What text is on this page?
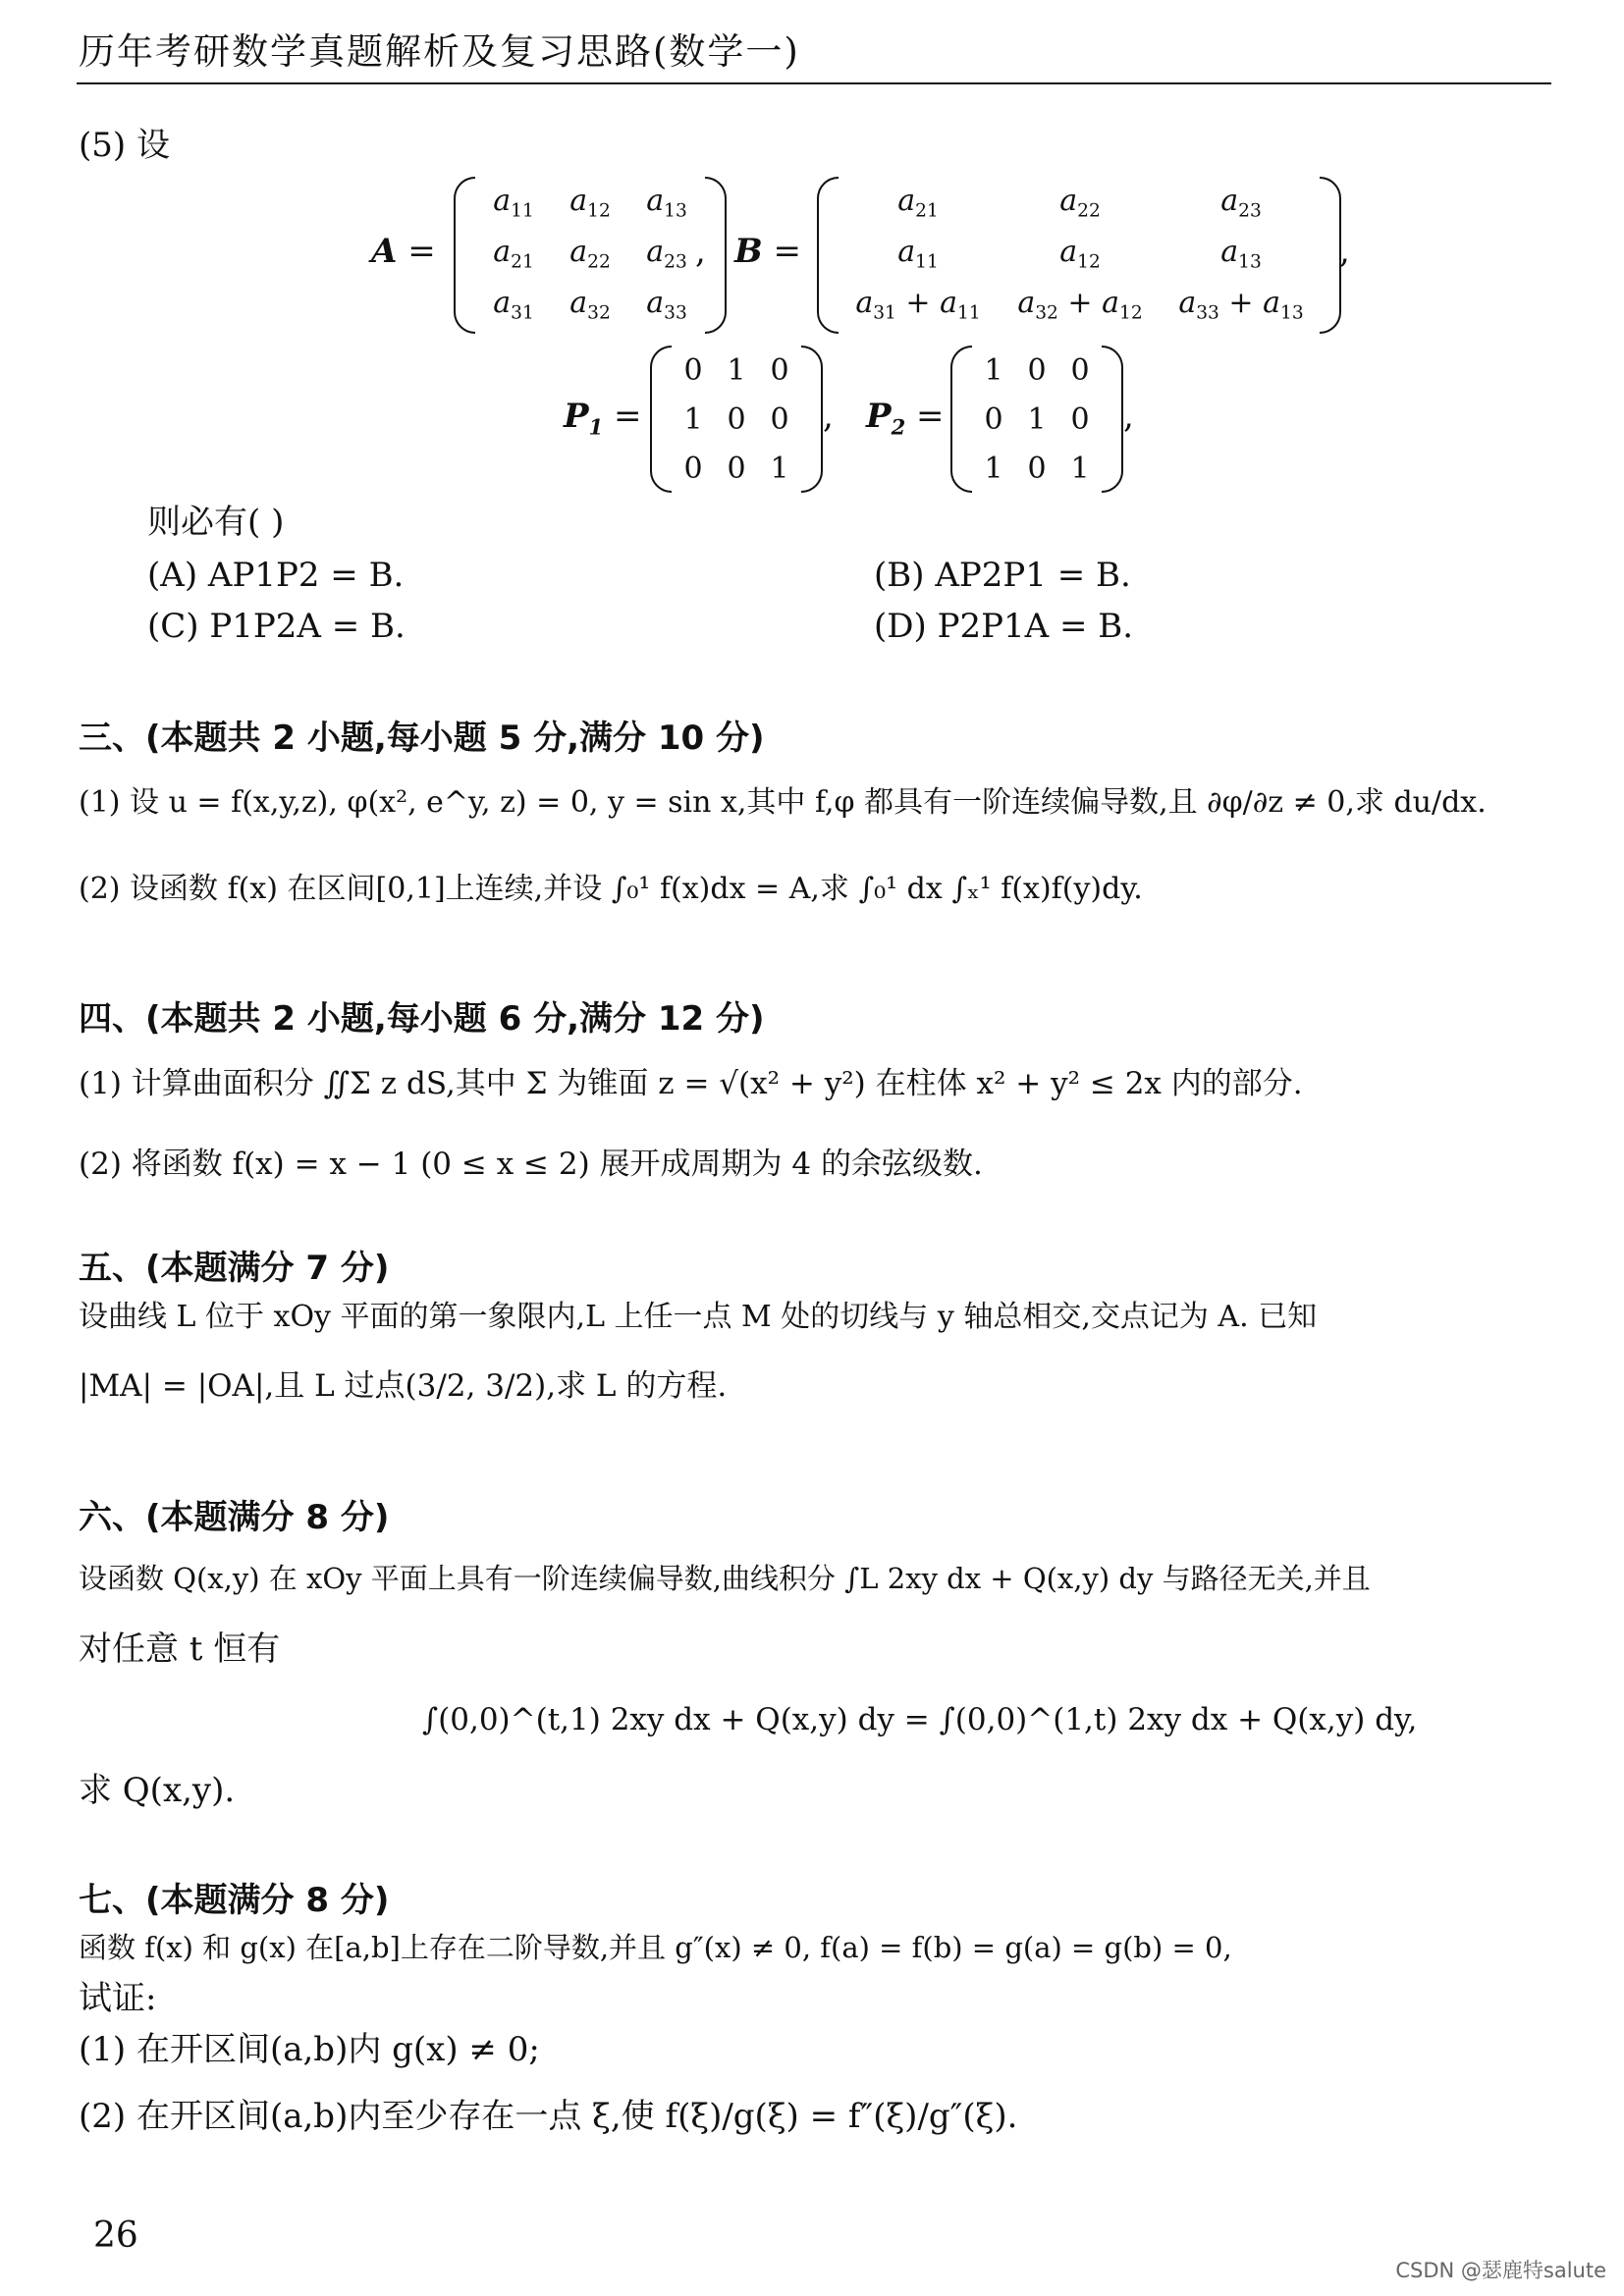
历年考研数学真题解析及复习思路(数学一)
(5) 设
A =
$a_{11}$	$a_{12}$	$a_{13}$
$a_{21}$	$a_{22}$	$a_{23}$
$a_{31}$	$a_{32}$	$a_{33}$
, B =
$a_{21}$	$a_{22}$	$a_{23}$
$a_{11}$	$a_{12}$	$a_{13}$
$a_{31} + a_{11}$	$a_{32} + a_{12}$	$a_{33} + a_{13}$
,
$P_1$ =
0 1 0
1 0 0
0 0 1
, $P_2$ =
1 0 0
0 1 0
1 0 1
,
则必有( )
(A) AP1P2 = B.	(B) AP2P1 = B.
(C) P1P2A = B.	(D) P2P1A = B.
三、(本题共 2 小题,每小题 5 分,满分 10 分)
(1) 设 u = f(x,y,z), φ(x², e^y, z) = 0, y = sin x,其中 f,φ 都具有一阶连续偏导数,且 ∂φ/∂z ≠ 0,求 du/dx.
(2) 设函数 f(x) 在区间[0,1]上连续,并设 ∫₀¹ f(x)dx = A,求 ∫₀¹ dx ∫ₓ¹ f(x)f(y)dy.
四、(本题共 2 小题,每小题 6 分,满分 12 分)
(1) 计算曲面积分 ∬Σ z dS,其中 Σ 为锥面 z = √(x² + y²) 在柱体 x² + y² ≤ 2x 内的部分.
(2) 将函数 f(x) = x − 1 (0 ≤ x ≤ 2) 展开成周期为 4 的余弦级数.
五、(本题满分 7 分)
设曲线 L 位于 xOy 平面的第一象限内,L 上任一点 M 处的切线与 y 轴总相交,交点记为 A. 已知
|MA| = |OA|,且 L 过点(3/2, 3/2),求 L 的方程.
六、(本题满分 8 分)
设函数 Q(x,y) 在 xOy 平面上具有一阶连续偏导数,曲线积分 ∫L 2xy dx + Q(x,y) dy 与路径无关,并且
对任意 t 恒有
∫(0,0)^(t,1) 2xy dx + Q(x,y) dy = ∫(0,0)^(1,t) 2xy dx + Q(x,y) dy,
求 Q(x,y).
七、(本题满分 8 分)
函数 f(x) 和 g(x) 在[a,b]上存在二阶导数,并且 g″(x) ≠ 0, f(a) = f(b) = g(a) = g(b) = 0,
试证:
(1) 在开区间(a,b)内 g(x) ≠ 0;
(2) 在开区间(a,b)内至少存在一点 ξ,使 f(ξ)/g(ξ) = f″(ξ)/g″(ξ).
26
CSDN @瑟鹿特salute
